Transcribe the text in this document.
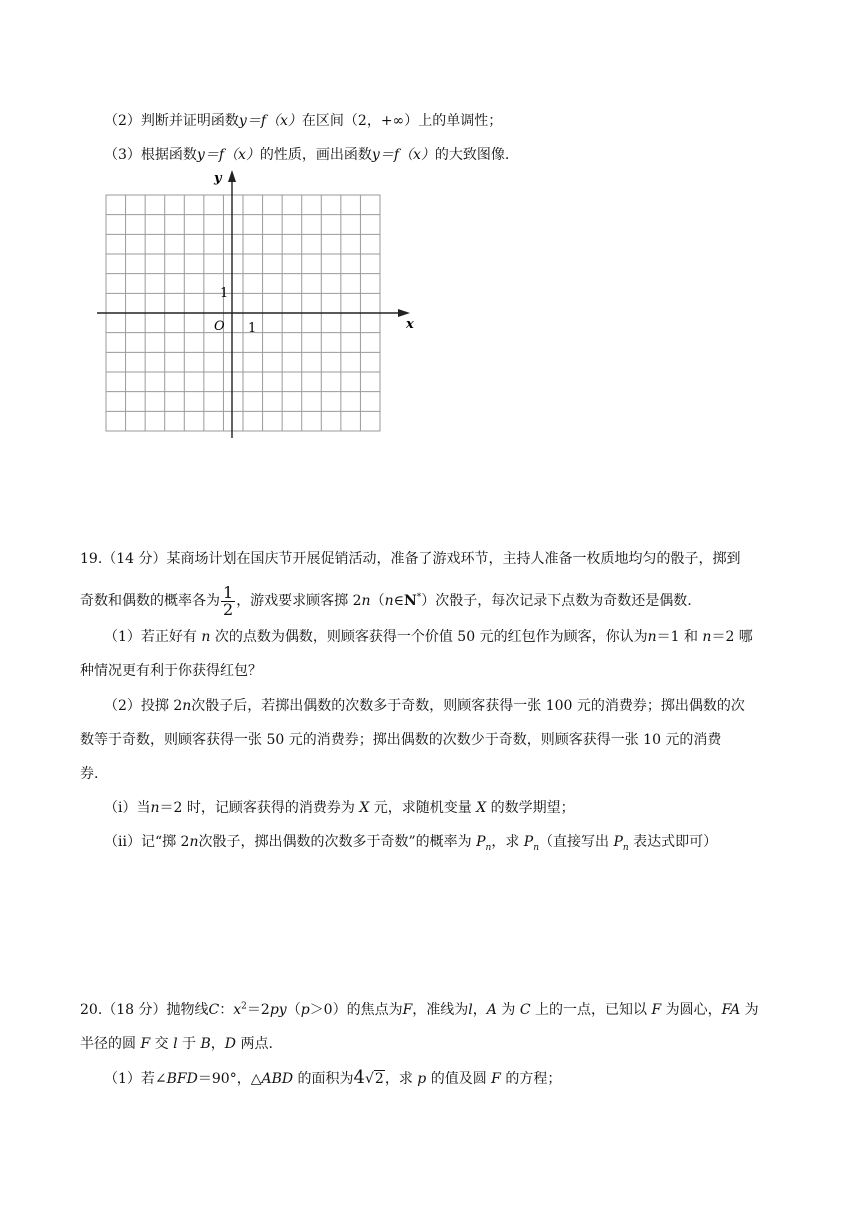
（2）判断并证明函数y＝f（x）在区间（2，+∞）上的单调性；
（3）根据函数y＝f（x）的性质，画出函数y＝f（x）的大致图像.
x
y
O 1
1
19.（14 分）某商场计划在国庆节开展促销活动，准备了游戏环节，主持人准备一枚质地均匀的骰子，掷到
奇数和偶数的概率各为 $\frac{1}{2}$ ，游戏要求顾客掷 2n（n∈N*）次骰子，每次记录下点数为奇数还是偶数.
（1）若正好有 n 次的点数为偶数，则顾客获得一个价值 50 元的红包作为顾客，你认为n＝1 和 n＝2 哪
种情况更有利于你获得红包？
（2）投掷 2n次骰子后，若掷出偶数的次数多于奇数，则顾客获得一张 100 元的消费券；掷出偶数的次
数等于奇数，则顾客获得一张 50 元的消费券；掷出偶数的次数少于奇数，则顾客获得一张 10 元的消费
券.
（ⅰ）当n＝2 时，记顾客获得的消费券为 X 元，求随机变量 X 的数学期望；
（ⅱ）记“掷 2n次骰子，掷出偶数的次数多于奇数”的概率为 $P_n$，求 $P_n$（直接写出 $P_n$ 表达式即可）
20.（18 分）抛物线C：$x^2=2py(p>0)$的焦点为F，准线为l，A 为 C 上的一点，已知以 F 为圆心，FA 为
半径的圆 F 交 l 于 B，D 两点.
（1）若∠BFD＝90°，△ABD 的面积为4√2，求 p 的值及圆 F 的方程；
